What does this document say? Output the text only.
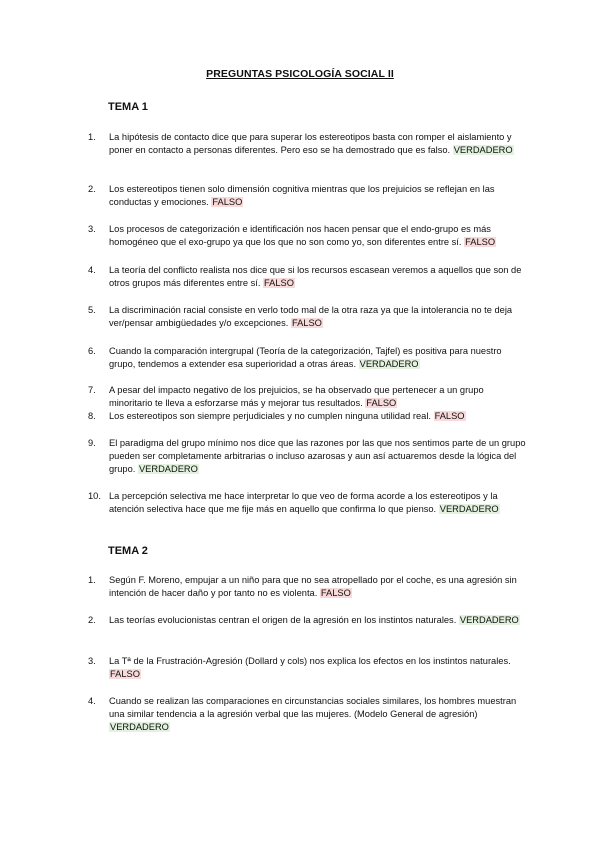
PREGUNTAS PSICOLOGÍA SOCIAL II
TEMA 1
1.	La hipótesis de contacto dice que para superar los estereotipos basta con romper el aislamiento y poner en contacto a personas diferentes. Pero eso se ha demostrado que es falso. VERDADERO
2.	Los estereotipos tienen solo dimensión cognitiva mientras que los prejuicios se reflejan en las conductas y emociones. FALSO
3.	Los procesos de categorización e identificación nos hacen pensar que el endo-grupo es más homogéneo que el exo-grupo ya que los que no son como yo, son diferentes entre sí. FALSO
4.	La teoría del conflicto realista nos dice que si los recursos escasean veremos a aquellos que son de otros grupos más diferentes entre sí. FALSO
5.	La discriminación racial consiste en verlo todo mal de la otra raza ya que la intolerancia no te deja ver/pensar ambigüedades y/o excepciones. FALSO
6.	Cuando la comparación intergrupal (Teoría de la categorización, Tajfel) es positiva para nuestro grupo, tendemos a extender esa superioridad a otras áreas. VERDADERO
7.	A pesar del impacto negativo de los prejuicios, se ha observado que pertenecer a un grupo minoritario te lleva a esforzarse más y mejorar tus resultados. FALSO
8.	Los estereotipos son siempre perjudiciales y no cumplen ninguna utilidad real. FALSO
9.	El paradigma del grupo mínimo nos dice que las razones por las que nos sentimos parte de un grupo pueden ser completamente arbitrarias o incluso azarosas y aun así actuaremos desde la lógica del grupo. VERDADERO
10. La percepción selectiva me hace interpretar lo que veo de forma acorde a los estereotipos y la atención selectiva hace que me fije más en aquello que confirma lo que pienso. VERDADERO
TEMA 2
1.	Según F. Moreno, empujar a un niño para que no sea atropellado por el coche, es una agresión sin intención de hacer daño y por tanto no es violenta. FALSO
2.	Las teorías evolucionistas centran el origen de la agresión en los instintos naturales. VERDADERO
3.	La Tª de la Frustración-Agresión (Dollard y cols) nos explica los efectos en los instintos naturales. FALSO
4.	Cuando se realizan las comparaciones en circunstancias sociales similares, los hombres muestran una similar tendencia a la agresión verbal que las mujeres. (Modelo General de agresión) VERDADERO
